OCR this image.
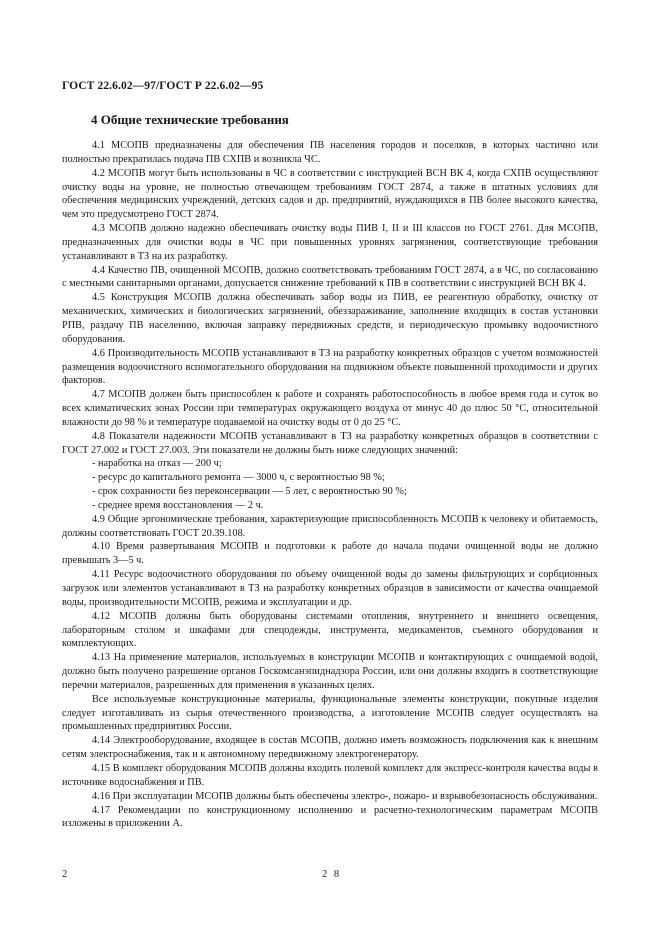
ГОСТ 22.6.02—97/ГОСТ Р 22.6.02—95
4 Общие технические требования

4.1 МСОПВ предназначены для обеспечения ПВ населения городов и поселков, в которых частично или полностью прекратилась подача ПВ СХПВ и возникла ЧС.

4.2 МСОПВ могут быть использованы в ЧС в соответствии с инструкцией ВСН ВК 4, когда СХПВ осуществляют очистку воды на уровне, не полностью отвечающем требованиям ГОСТ 2874, а также в штатных условиях для обеспечения медицинских учреждений, детских садов и др. предприятий, нуждающихся в ПВ более высокого качества, чем это предусмотрено ГОСТ 2874.

4.3 МСОПВ должно надежно обеспечивать очистку воды ПИВ I, II и III классов по ГОСТ 2761. Для МСОПВ, предназначенных для очистки воды в ЧС при повышенных уровнях загрязнения, соответствующие требования устанавливают в ТЗ на их разработку.

4.4 Качество ПВ, очищенной МСОПВ, должно соответствовать требованиям ГОСТ 2874, а в ЧС, по согласованию с местными санитарными органами, допускается снижение требований к ПВ в соответствии с инструкцией ВСН ВК 4.

4.5 Конструкция МСОПВ должна обеспечивать забор воды из ПИВ, ее реагентную обработку, очистку от механических, химических и биологических загрязнений, обеззараживание, заполнение входящих в состав установки РПВ, раздачу ПВ населению, включая заправку передвижных средств, и периодическую промывку водоочистного оборудования.

4.6 Производительность МСОПВ устанавливают в ТЗ на разработку конкретных образцов с учетом возможностей размещения водоочистного вспомогательного оборудования на подвижном объекте повышенной проходимости и других факторов.

4.7 МСОПВ должен быть приспособлен к работе и сохранять работоспособность в любое время года и суток во всех климатических зонах России при температурах окружающего воздуха от минус 40 до плюс 50 °С, относительной влажности до 98 % и температуре подаваемой на очистку воды от 0 до 25 °С.

4.8 Показатели надежности МСОПВ устанавливают в ТЗ на разработку конкретных образцов в соответствии с ГОСТ 27.002 и ГОСТ 27.003. Эти показатели не должны быть ниже следующих значений:

- наработка на отказ — 200 ч;

- ресурс до капитального ремонта — 3000 ч, с вероятностью 98 %;

- срок сохранности без переконсервации — 5 лет, с вероятностью 90 %;

- среднее время восстановления — 2 ч.

4.9 Общие эргономические требования, характеризующие приспособленность МСОПВ к человеку и обитаемость, должны соответствовать ГОСТ 20.39.108.

4.10 Время развертывания МСОПВ и подготовки к работе до начала подачи очищенной воды не должно превышать 3—5 ч.

4.11 Ресурс водоочистного оборудования по объему очищенной воды до замены фильтрующих и сорбционных загрузок или элементов устанавливают в ТЗ на разработку конкретных образцов в зависимости от качества очищаемой воды, производительности МСОПВ, режима и эксплуатации и др.

4.12 МСОПВ должны быть оборудованы системами отопления, внутреннего и внешнего освещения, лабораторным столом и шкафами для спецодежды, инструмента, медикаментов, съемного оборудования и комплектующих.

4.13 На применение материалов, используемых в конструкции МСОПВ и контактирующих с очищаемой водой, должно быть получено разрешение органов Госкомсанэпиднадзора России, или они должны входить в соответствующие перечни материалов, разрешенных для применения в указанных целях.

Все используемые конструкционные материалы, функциональные элементы конструкции, покупные изделия следует изготавливать из сырья отечественного производства, а изготовление МСОПВ следует осуществлять на промышленных предприятиях России.

4.14 Электрооборудование, входящее в состав МСОПВ, должно иметь возможность подключения как к внешним сетям электроснабжения, так и к автономному передвижному электрогенератору.

4.15 В комплект оборудования МСОПВ должны входить полевой комплект для экспресс-контроля качества воды в источнике водоснабжения и ПВ.

4.16 При эксплуатации МСОПВ должны быть обеспечены электро-, пожаро- и взрывобезопасность обслуживания.

4.17 Рекомендации по конструкционному исполнению и расчетно-технологическим параметрам МСОПВ изложены в приложении А.

2	2 8
